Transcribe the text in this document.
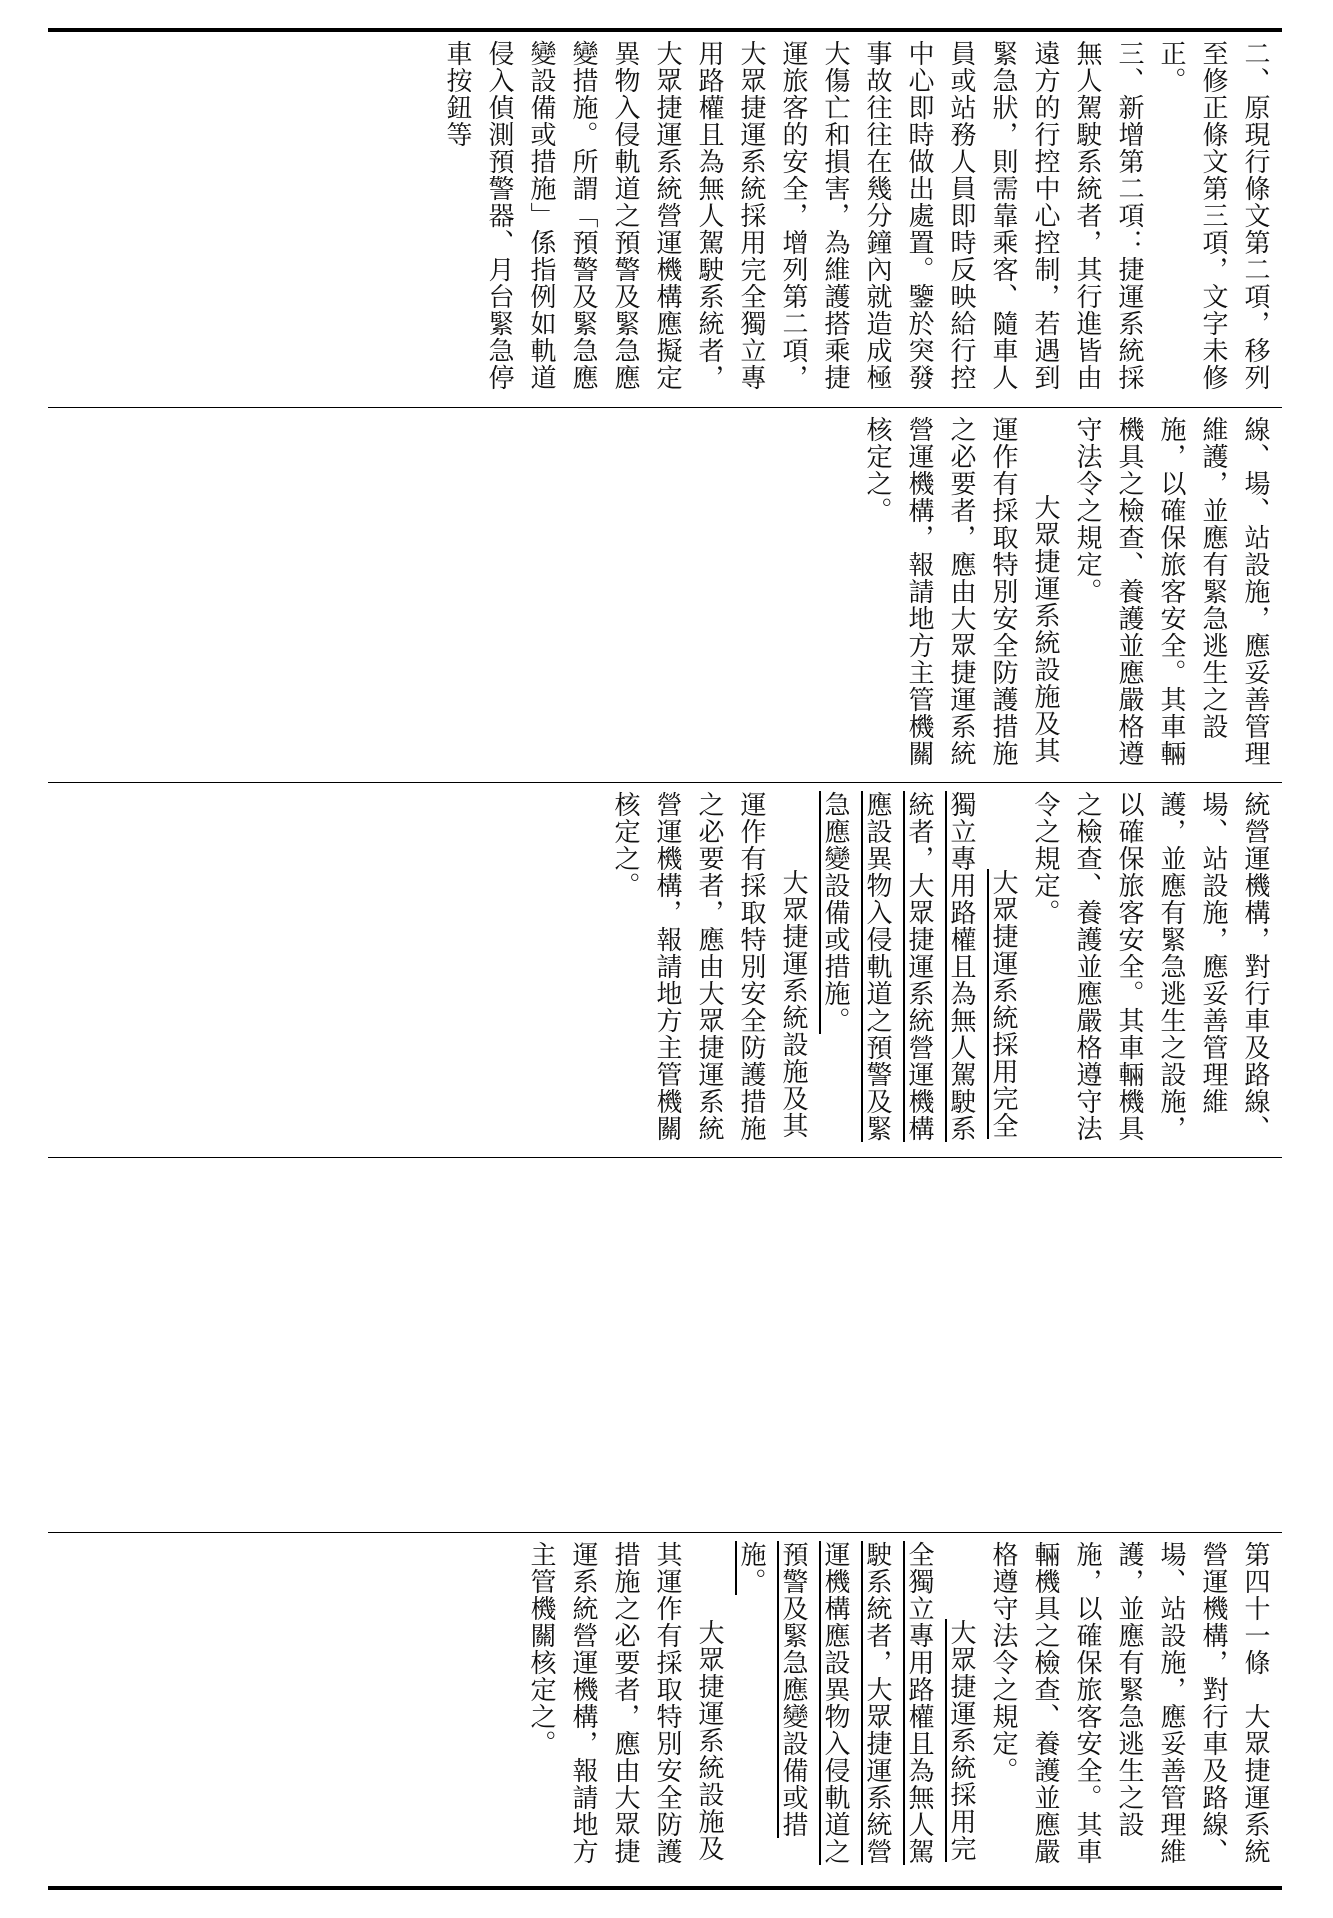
二、原現行條文第二項，移列至修正條文第三項，文字未修正。
三、新增第二項：捷運系統採無人駕駛系統者，其行進皆由遠方的行控中心控制，若遇到緊急狀，則需靠乘客、隨車人員或站務人員即時反映給行控中心即時做出處置。鑒於突發事故往往在幾分鐘內就造成極大傷亡和損害，為維護搭乘捷運旅客的安全，增列第二項，大眾捷運系統採用完全獨立專用路權且為無人駕駛系統者，大眾捷運系統營運機構應擬定異物入侵軌道之預警及緊急應變措施。所謂「預警及緊急應變設備或措施」係指例如軌道侵入偵測預警器、月台緊急停車按鈕等
線、場、站設施，應妥善管理維護，並應有緊急逃生之設施，以確保旅客安全。其車輛機具之檢查、養護並應嚴格遵守法令之規定。
大眾捷運系統設施及其運作有採取特別安全防護措施之必要者，應由大眾捷運系統營運機構，報請地方主管機關核定之。
統營運機構，對行車及路線、場、站設施，應妥善管理維護，並應有緊急逃生之設施，以確保旅客安全。其車輛機具之檢查、養護並應嚴格遵守法令之規定。
大眾捷運系統採用完全獨立專用路權且為無人駕駛系統者，大眾捷運系統營運機構應設異物入侵軌道之預警及緊急應變設備或措施。
大眾捷運系統設施及其運作有採取特別安全防護措施之必要者，應由大眾捷運系統營運機構，報請地方主管機關核定之。
第四十一條　大眾捷運系統營運機構，對行車及路線、場、站設施，應妥善管理維護，並應有緊急逃生之設施，以確保旅客安全。其車輛機具之檢查、養護並應嚴格遵守法令之規定。
大眾捷運系統採用完全獨立專用路權且為無人駕駛系統者，大眾捷運系統營運機構應設異物入侵軌道之預警及緊急應變設備或措施。
大眾捷運系統設施及其運作有採取特別安全防護措施之必要者，應由大眾捷運系統營運機構，報請地方主管機關核定之。
